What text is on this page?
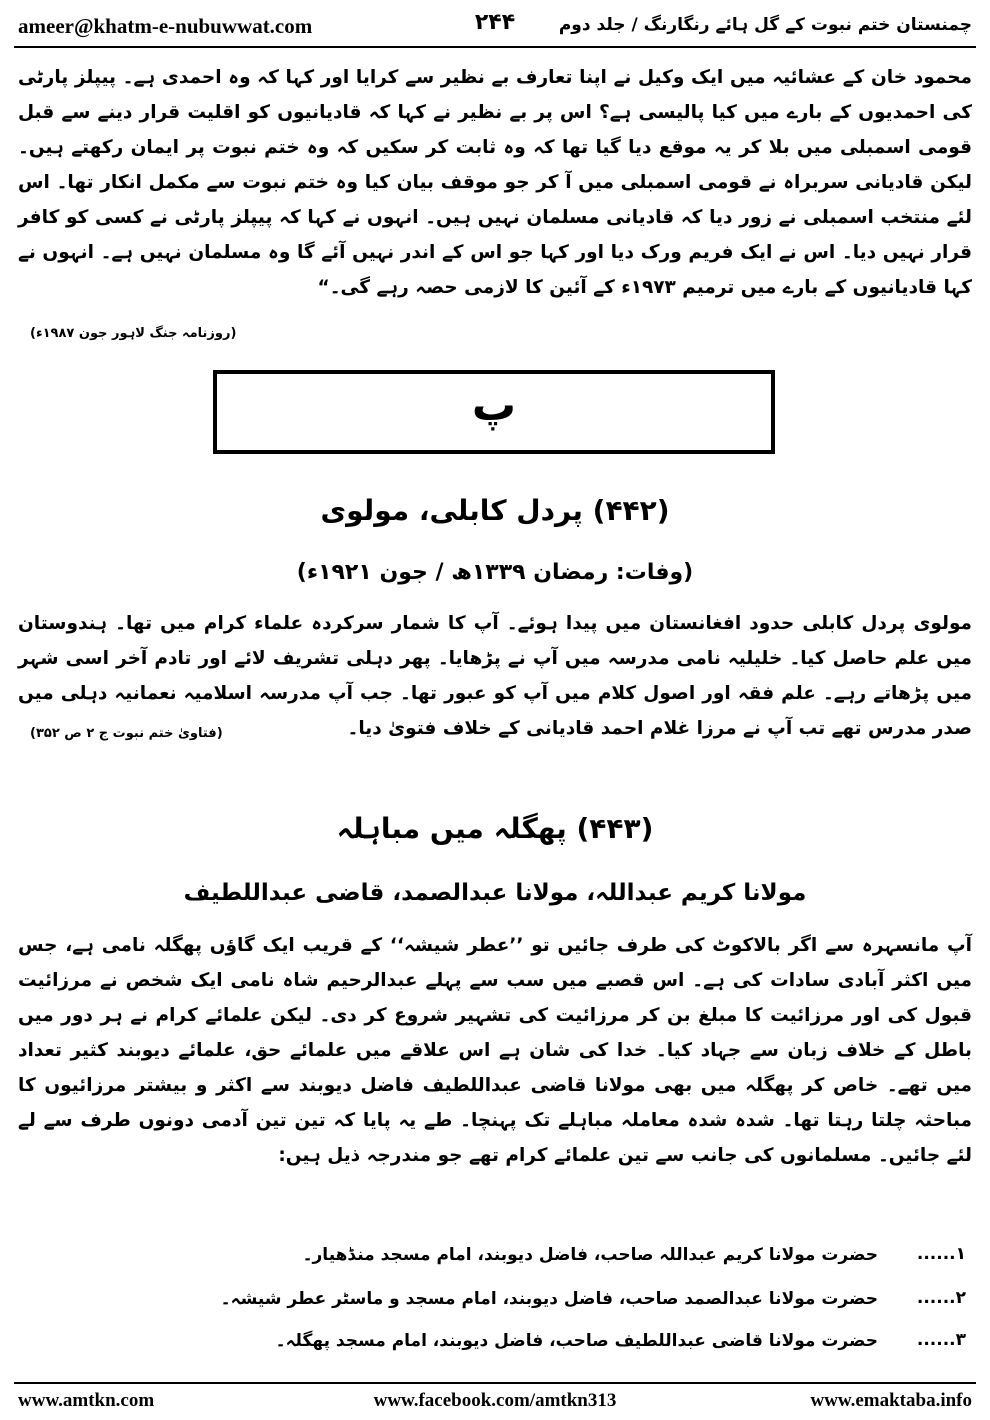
ameer@khatm-e-nubuwwat.com	۲۴۴	چمنستان ختم نبوت کے گل ہائے رنگارنگ / جلد دوم
محمود خان کے عشائیہ میں ایک وکیل نے اپنا تعارف بے نظیر سے کرایا اور کہا کہ وہ احمدی ہے۔ پیپلز پارٹی کی احمدیوں کے بارے میں کیا پالیسی ہے؟ اس پر بے نظیر نے کہا کہ قادیانیوں کو اقلیت قرار دینے سے قبل قومی اسمبلی میں بلا کر یہ موقع دیا گیا تھا کہ وہ ثابت کر سکیں کہ وہ ختم نبوت پر ایمان رکھتے ہیں۔ لیکن قادیانی سربراہ نے قومی اسمبلی میں آ کر جو موقف بیان کیا وہ ختم نبوت سے مکمل انکار تھا۔ اس لئے منتخب اسمبلی نے زور دیا کہ قادیانی مسلمان نہیں ہیں۔ انہوں نے کہا کہ پیپلز پارٹی نے کسی کو کافر قرار نہیں دیا۔ اس نے ایک فریم ورک دیا اور کہا جو اس کے اندر نہیں آئے گا وہ مسلمان نہیں ہے۔ انہوں نے کہا قادیانیوں کے بارے میں ترمیم ۱۹۷۳ء کے آئین کا لازمی حصہ رہے گی۔“
(روزنامہ جنگ لاہور جون ۱۹۸۷ء)
پ
(۴۴۲) پردل کابلی، مولوی
(وفات: رمضان ۱۳۳۹ھ / جون ۱۹۲۱ء)
مولوی پردل کابلی حدود افغانستان میں پیدا ہوئے۔ آپ کا شمار سرکردہ علماء کرام میں تھا۔ ہندوستان میں علم حاصل کیا۔ خلیلیہ نامی مدرسہ میں آپ نے پڑھایا۔ پھر دہلی تشریف لائے اور تادم آخر اسی شہر میں پڑھاتے رہے۔ علم فقہ اور اصول کلام میں آپ کو عبور تھا۔ جب آپ مدرسہ اسلامیہ نعمانیہ دہلی میں صدر مدرس تھے تب آپ نے مرزا غلام احمد قادیانی کے خلاف فتویٰ دیا۔
(فتاویٰ ختم نبوت ج ۲ ص ۳۵۲)
(۴۴۳) پھگلہ میں مباہلہ
مولانا کریم عبداللہ، مولانا عبدالصمد، قاضی عبداللطیف
آپ مانسہرہ سے اگر بالاکوٹ کی طرف جائیں تو ’’عطر شیشہ‘‘ کے قریب ایک گاؤں پھگلہ نامی ہے، جس میں اکثر آبادی سادات کی ہے۔ اس قصبے میں سب سے پہلے عبدالرحیم شاہ نامی ایک شخص نے مرزائیت قبول کی اور مرزائیت کا مبلغ بن کر مرزائیت کی تشہیر شروع کر دی۔ لیکن علمائے کرام نے ہر دور میں باطل کے خلاف زبان سے جہاد کیا۔ خدا کی شان ہے اس علاقے میں علمائے حق، علمائے دیوبند کثیر تعداد میں تھے۔ خاص کر پھگلہ میں بھی مولانا قاضی عبداللطیف فاضل دیوبند سے اکثر و بیشتر مرزائیوں کا مباحثہ چلتا رہتا تھا۔ شدہ شدہ معاملہ مباہلے تک پہنچا۔ طے یہ پایا کہ تین تین آدمی دونوں طرف سے لے لئے جائیں۔ مسلمانوں کی جانب سے تین علمائے کرام تھے جو مندرجہ ذیل ہیں:
۱......
حضرت مولانا کریم عبداللہ صاحب، فاضل دیوبند، امام مسجد منڈھیار۔
۲......
حضرت مولانا عبدالصمد صاحب، فاضل دیوبند، امام مسجد و ماسٹر عطر شیشہ۔
۳......
حضرت مولانا قاضی عبداللطیف صاحب، فاضل دیوبند، امام مسجد پھگلہ۔
www.amtkn.com	www.facebook.com/amtkn313	www.emaktaba.info
